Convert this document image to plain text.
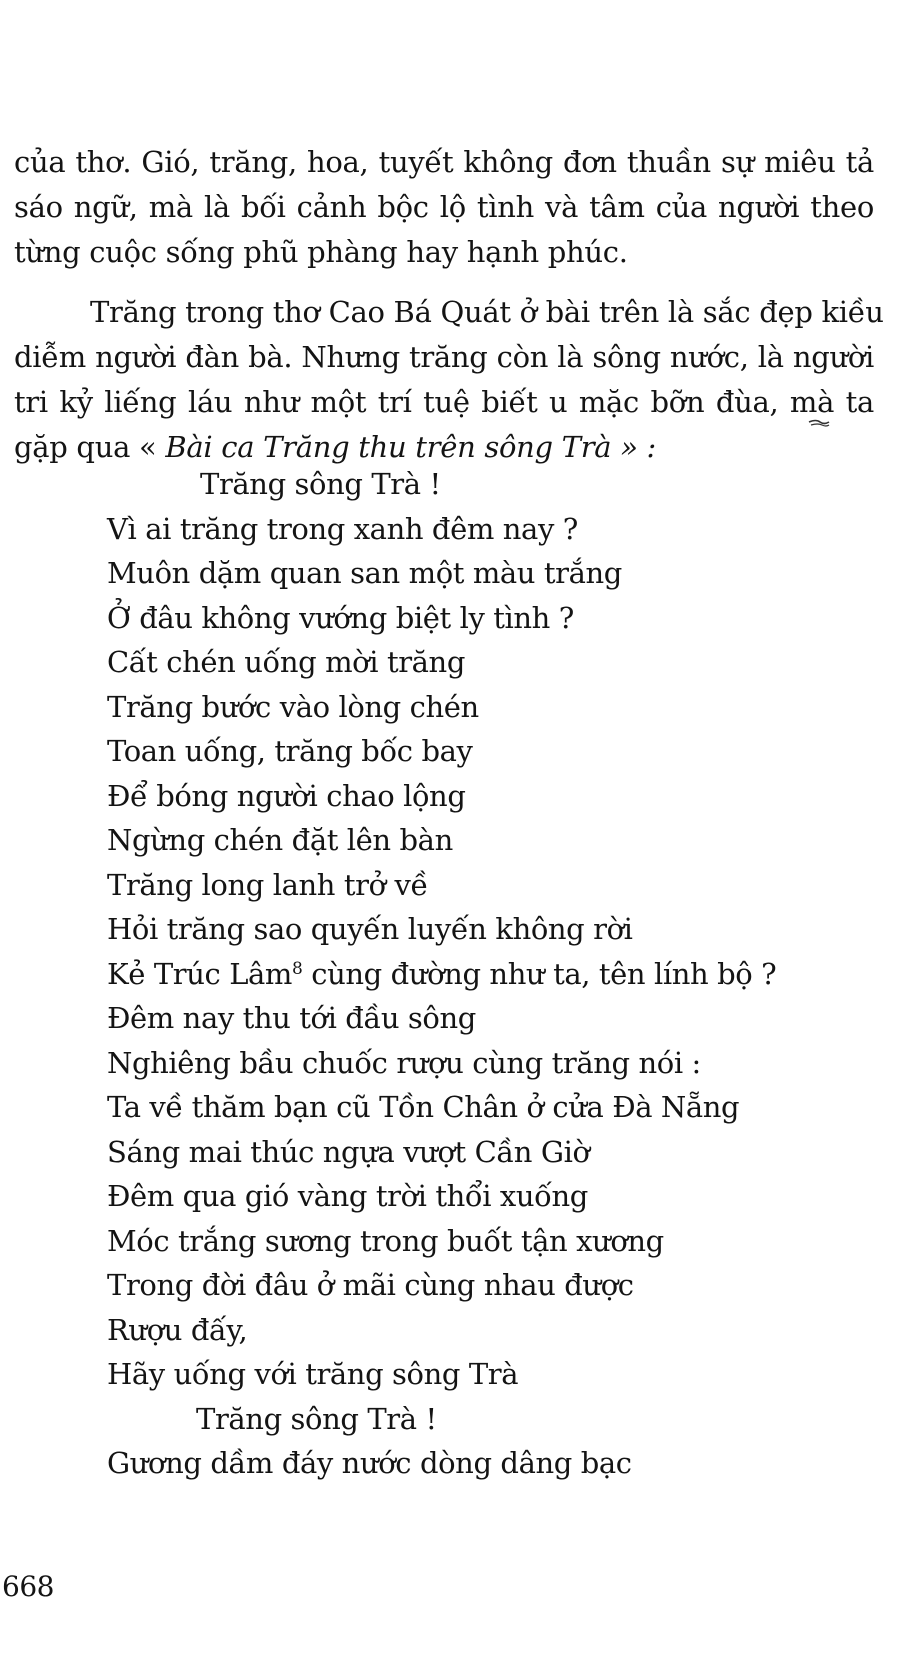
của thơ. Gió, trăng, hoa, tuyết không đơn thuần sự miêu tả
sáo ngữ, mà là bối cảnh bộc lộ tình và tâm của người theo
từng cuộc sống phũ phàng hay hạnh phúc.

Trăng trong thơ Cao Bá Quát ở bài trên là sắc đẹp kiều
diễm người đàn bà. Nhưng trăng còn là sông nước, là người
tri kỷ liếng láu như một trí tuệ biết u mặc bỡn đùa, mà ta
gặp qua « Bài ca Trăng thu trên sông Trà » :

Trăng sông Trà !
Vì ai trăng trong xanh đêm nay ?
Muôn dặm quan san một màu trắng
Ở đâu không vướng biệt ly tình ?
Cất chén uống mời trăng
Trăng bước vào lòng chén
Toan uống, trăng bốc bay
Để bóng người chao lộng
Ngừng chén đặt lên bàn
Trăng long lanh trở về
Hỏi trăng sao quyến luyến không rời
Kẻ Trúc Lâm$^8$ cùng đường như ta, tên lính bộ ?
Đêm nay thu tới đầu sông
Nghiêng bầu chuốc rượu cùng trăng nói :
Ta về thăm bạn cũ Tồn Chân ở cửa Đà Nẵng
Sáng mai thúc ngựa vượt Cần Giờ
Đêm qua gió vàng trời thổi xuống
Móc trắng sương trong buốt tận xương
Trong đời đâu ở mãi cùng nhau được
Rượu đấy,
Hãy uống với trăng sông Trà
Trăng sông Trà !
Gương dầm đáy nước dòng dâng bạc
668
